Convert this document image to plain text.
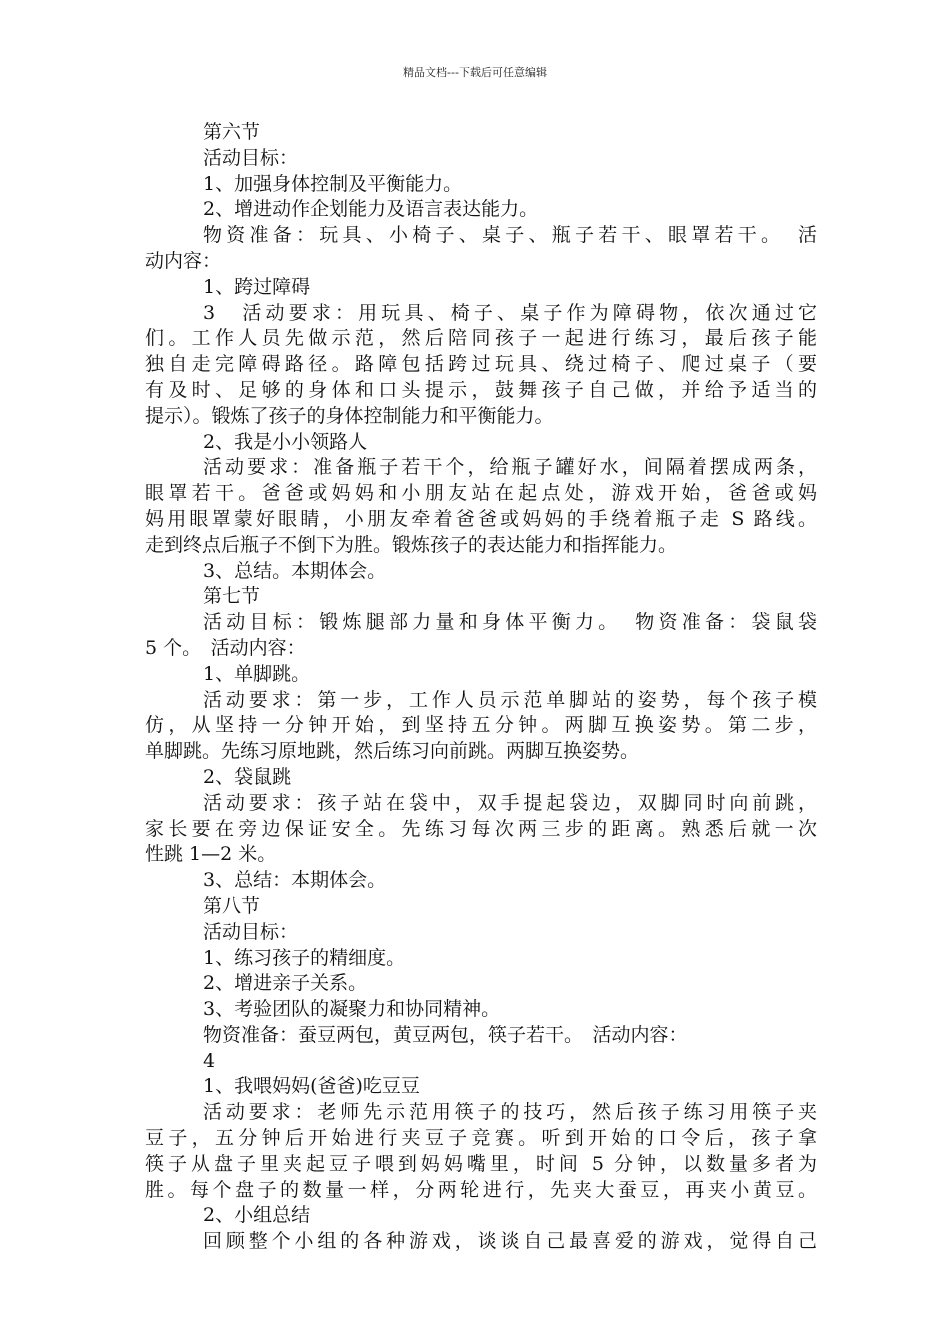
精品文档---下载后可任意编辑
第六节
活动目标：
1、加强身体控制及平衡能力。
2、增进动作企划能力及语言表达能力。
物资准备：玩具、小椅子、桌子、瓶子若干、眼罩若干。　活
动内容：
1、跨过障碍
3　活动要求：用玩具、椅子、桌子作为障碍物，依次通过它
们。工作人员先做示范，然后陪同孩子一起进行练习，最后孩子能
独自走完障碍路径。路障包括跨过玩具、绕过椅子、爬过桌子（要
有及时、足够的身体和口头提示，鼓舞孩子自己做，并给予适当的
提示）。锻炼了孩子的身体控制能力和平衡能力。
2、我是小小领路人
活动要求：准备瓶子若干个，给瓶子罐好水，间隔着摆成两条，
眼罩若干。爸爸或妈妈和小朋友站在起点处，游戏开始，爸爸或妈
妈用眼罩蒙好眼睛，小朋友牵着爸爸或妈妈的手绕着瓶子走 S 路线。
走到终点后瓶子不倒下为胜。锻炼孩子的表达能力和指挥能力。
3、总结。本期体会。
第七节
活动目标：锻炼腿部力量和身体平衡力。　物资准备：袋鼠袋
5 个。　活动内容：
1、单脚跳。
活动要求：第一步，工作人员示范单脚站的姿势，每个孩子模
仿，从坚持一分钟开始，到坚持五分钟。两脚互换姿势。第二步，
单脚跳。先练习原地跳，然后练习向前跳。两脚互换姿势。
2、袋鼠跳
活动要求：孩子站在袋中，双手提起袋边，双脚同时向前跳，
家长要在旁边保证安全。先练习每次两三步的距离。熟悉后就一次
性跳 1—2 米。
3、总结：本期体会。
第八节
活动目标：
1、练习孩子的精细度。
2、增进亲子关系。
3、考验团队的凝聚力和协同精神。
物资准备：蚕豆两包，黄豆两包，筷子若干。　活动内容：
4
1、我喂妈妈(爸爸)吃豆豆
活动要求：老师先示范用筷子的技巧，然后孩子练习用筷子夹
豆子，五分钟后开始进行夹豆子竞赛。听到开始的口令后，孩子拿
筷子从盘子里夹起豆子喂到妈妈嘴里，时间 5 分钟，以数量多者为
胜。每个盘子的数量一样，分两轮进行，先夹大蚕豆，再夹小黄豆。
2、小组总结
回顾整个小组的各种游戏，谈谈自己最喜爱的游戏，觉得自己
